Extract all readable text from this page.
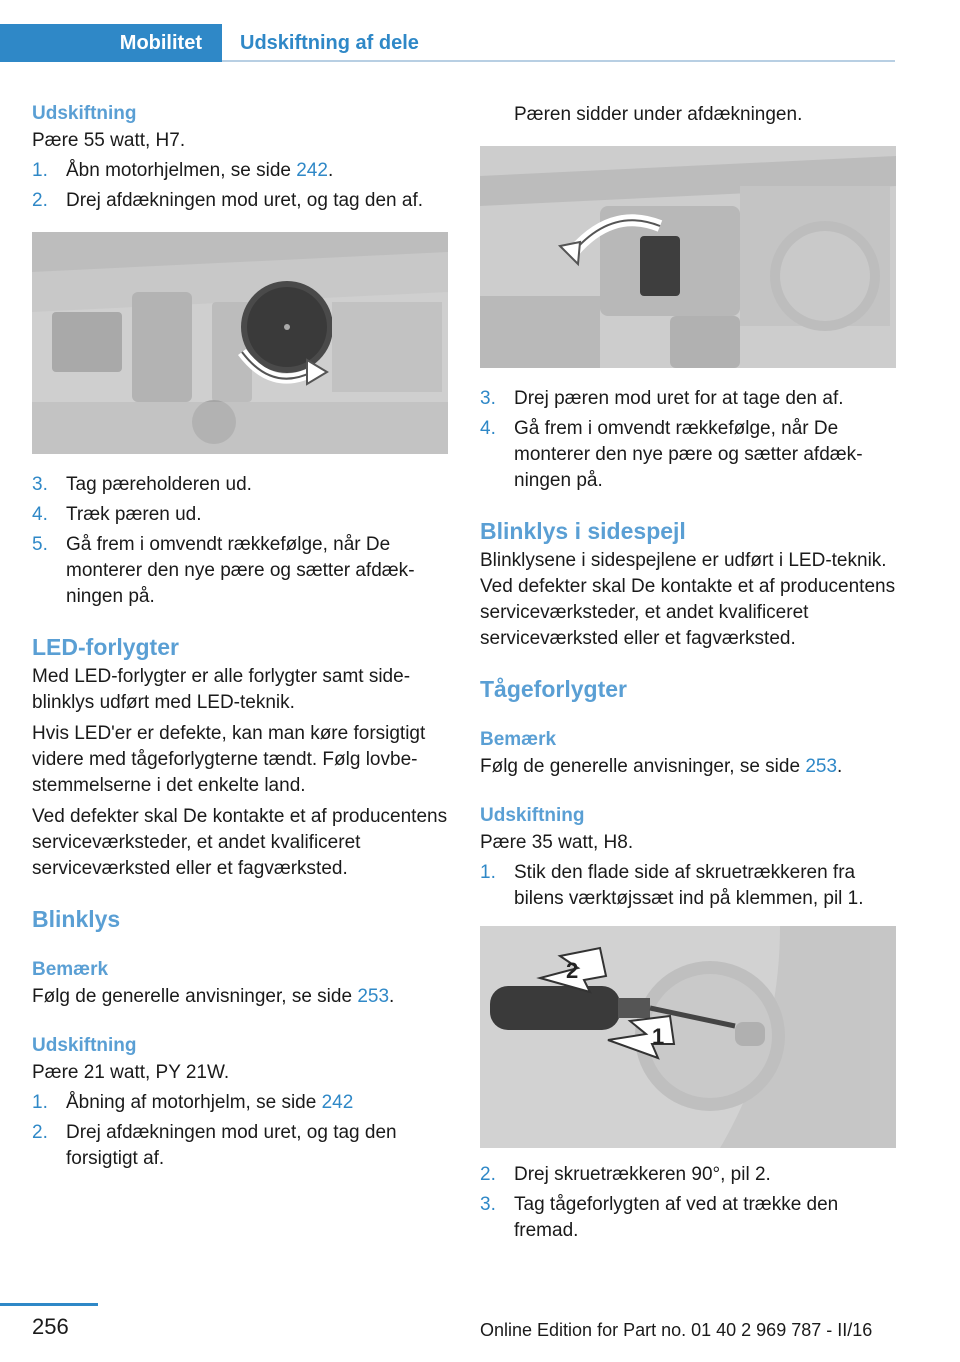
Mobilitet	Udskiftning af dele
Udskiftning
Pære 55 watt, H7.
1. Åbn motorhjelmen, se side 242.
2. Drej afdækningen mod uret, og tag den af.
3. Tag pæreholderen ud.
4. Træk pæren ud.
5. Gå frem i omvendt rækkefølge, når De monterer den nye pære og sætter afdækningen på.
LED-forlygter
Med LED-forlygter er alle forlygter samt sideblinklys udført med LED-teknik.
Hvis LED'er er defekte, kan man køre forsigtigt videre med tågeforlygterne tændt. Følg lovbestemmelserne i det enkelte land.
Ved defekter skal De kontakte et af producentens serviceværksteder, et andet kvalificeret serviceværksted eller et fagværksted.
Blinklys
Bemærk
Følg de generelle anvisninger, se side 253.
Udskiftning
Pære 21 watt, PY 21W.
1. Åbning af motorhjelm, se side 242
2. Drej afdækningen mod uret, og tag den forsigtigt af.
Pæren sidder under afdækningen.
3. Drej pæren mod uret for at tage den af.
4. Gå frem i omvendt rækkefølge, når De monterer den nye pære og sætter afdækningen på.
Blinklys i sidespejl
Blinklysene i sidespejlene er udført i LED-teknik. Ved defekter skal De kontakte et af producentens serviceværksteder, et andet kvalificeret serviceværksted eller et fagværksted.
Tågeforlygter
Bemærk
Følg de generelle anvisninger, se side 253.
Udskiftning
Pære 35 watt, H8.
1. Stik den flade side af skruetrækkeren fra bilens værktøjssæt ind på klemmen, pil 1.
2
1
2. Drej skruetrækkeren 90°, pil 2.
3. Tag tågeforlygten af ved at trække den fremad.
256	Online Edition for Part no. 01 40 2 969 787 - II/16
